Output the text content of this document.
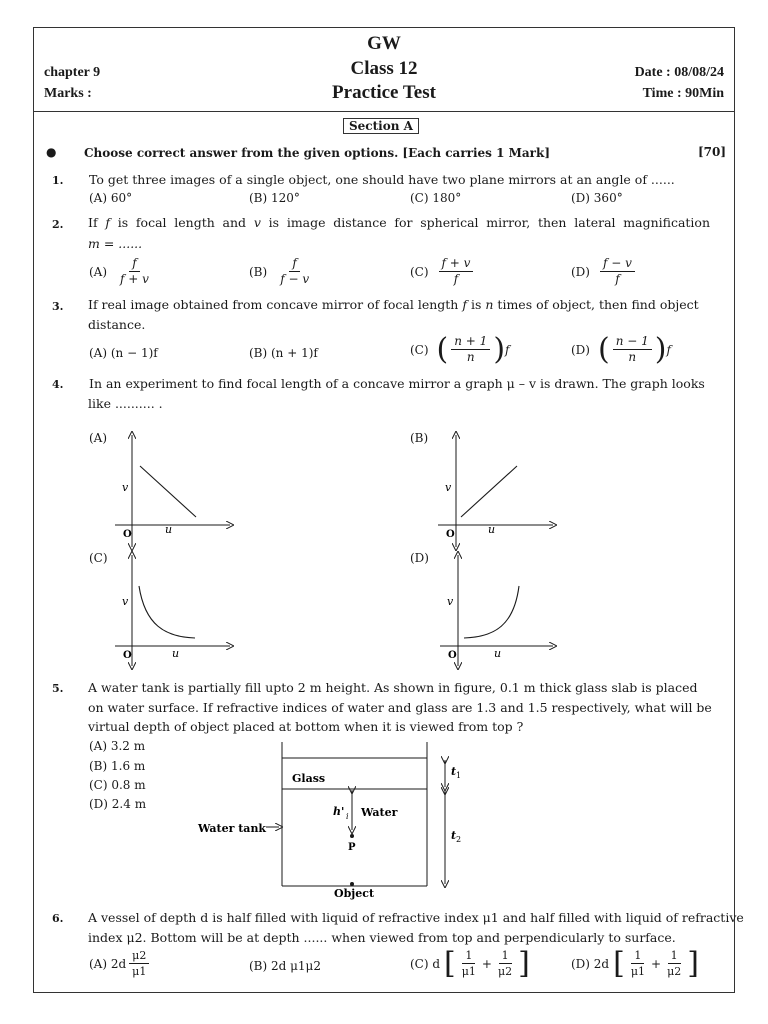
GW
Class 12
Practice Test
chapter 9
Marks :
Date : 08/08/24
Time : 90Min
Section A
● Choose correct answer from the given options. [Each carries 1 Mark]	[70]
1. To get three images of a single object, one should have two plane mirrors at an angle of ......
(A) 60°	(B) 120°	(C) 180°	(D) 360°
2. If f is focal length and v is image distance for spherical mirror, then lateral magnification
m = ......
$(A) \frac{f}{f + v}$	$(B) \frac{f}{f - v}$	$(C) \frac{f + v}{f}$	$(D) \frac{f - v}{f}$
3. If real image obtained from concave mirror of focal length f is n times of object, then find object
distance.
(A) (n − 1)f	(B) (n + 1)f	(C) ( $\frac{n + 1}{n}$ ) f	(D) ( $\frac{n - 1}{n}$ ) f
4. In an experiment to find focal length of a concave mirror a graph μ – v is drawn. The graph looks
like .......... .
(A)	(B)
(C)	(D)
v
u
O
v
u
O
v
u
O
v
u
O
Glass
Water
Water tank
P
Object
h' i
t 1
t 2
5. A water tank is partially fill upto 2 m height. As shown in figure, 0.1 m thick glass slab is placed
on water surface. If refractive indices of water and glass are 1.3 and 1.5 respectively, what will be
virtual depth of object placed at bottom when it is viewed from top ?
(A) 3.2 m
(B) 1.6 m
(C) 0.8 m
(D) 2.4 m
6. A vessel of depth d is half filled with liquid of refractive index μ1 and half filled with liquid of refractive
index μ2. Bottom will be at depth ...... when viewed from top and perpendicularly to surface.
(A) $2d \frac{\mu 2}{\mu 1}$	(B) 2d μ1μ2	(C) d [ $\frac{1}{\mu 1} + \frac{1}{\mu 2}$ ]	(D) 2d [ $\frac{1}{\mu 1} + \frac{1}{\mu 2}$ ]
